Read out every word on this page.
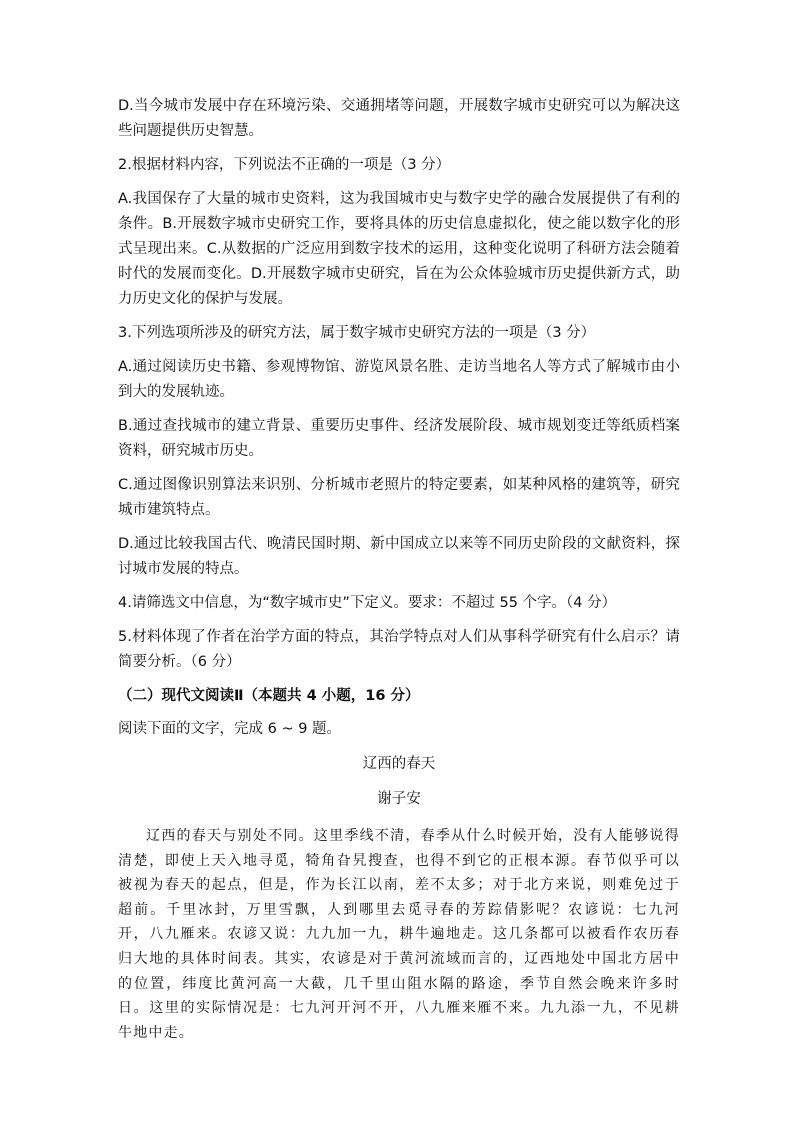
D.当今城市发展中存在环境污染、交通拥堵等问题，开展数字城市史研究可以为解决这些问题提供历史智慧。

2.根据材料内容，下列说法不正确的一项是（3 分）

A.我国保存了大量的城市史资料，这为我国城市史与数字史学的融合发展提供了有利的条件。B.开展数字城市史研究工作，要将具体的历史信息虚拟化，使之能以数字化的形式呈现出来。C.从数据的广泛应用到数字技术的运用，这种变化说明了科研方法会随着时代的发展而变化。D.开展数字城市史研究，旨在为公众体验城市历史提供新方式，助力历史文化的保护与发展。

3.下列选项所涉及的研究方法，属于数字城市史研究方法的一项是（3 分）

A.通过阅读历史书籍、参观博物馆、游览风景名胜、走访当地名人等方式了解城市由小到大的发展轨迹。

B.通过查找城市的建立背景、重要历史事件、经济发展阶段、城市规划变迁等纸质档案资料，研究城市历史。

C.通过图像识别算法来识别、分析城市老照片的特定要素，如某种风格的建筑等，研究城市建筑特点。

D.通过比较我国古代、晚清民国时期、新中国成立以来等不同历史阶段的文献资料，探讨城市发展的特点。

4.请筛选文中信息，为“数字城市史”下定义。要求：不超过 55 个字。（4 分）

5.材料体现了作者在治学方面的特点，其治学特点对人们从事科学研究有什么启示？请简要分析。（6 分）

（二）现代文阅读Ⅱ（本题共 4 小题，16 分）

阅读下面的文字，完成 6 ~ 9 题。

辽西的春天

谢子安

辽西的春天与别处不同。这里季线不清，春季从什么时候开始，没有人能够说得清楚，即使上天入地寻觅，犄角旮旯搜查，也得不到它的正根本源。春节似乎可以被视为春天的起点，但是，作为长江以南，差不太多；对于北方来说，则难免过于超前。千里冰封，万里雪飘，人到哪里去觅寻春的芳踪倩影呢？农谚说：七九河开，八九雁来。农谚又说：九九加一九，耕牛遍地走。这几条都可以被看作农历春归大地的具体时间表。其实，农谚是对于黄河流域而言的，辽西地处中国北方居中的位置，纬度比黄河高一大截，几千里山阻水隔的路途，季节自然会晚来许多时日。这里的实际情况是：七九河开河不开，八九雁来雁不来。九九添一九，不见耕牛地中走。
